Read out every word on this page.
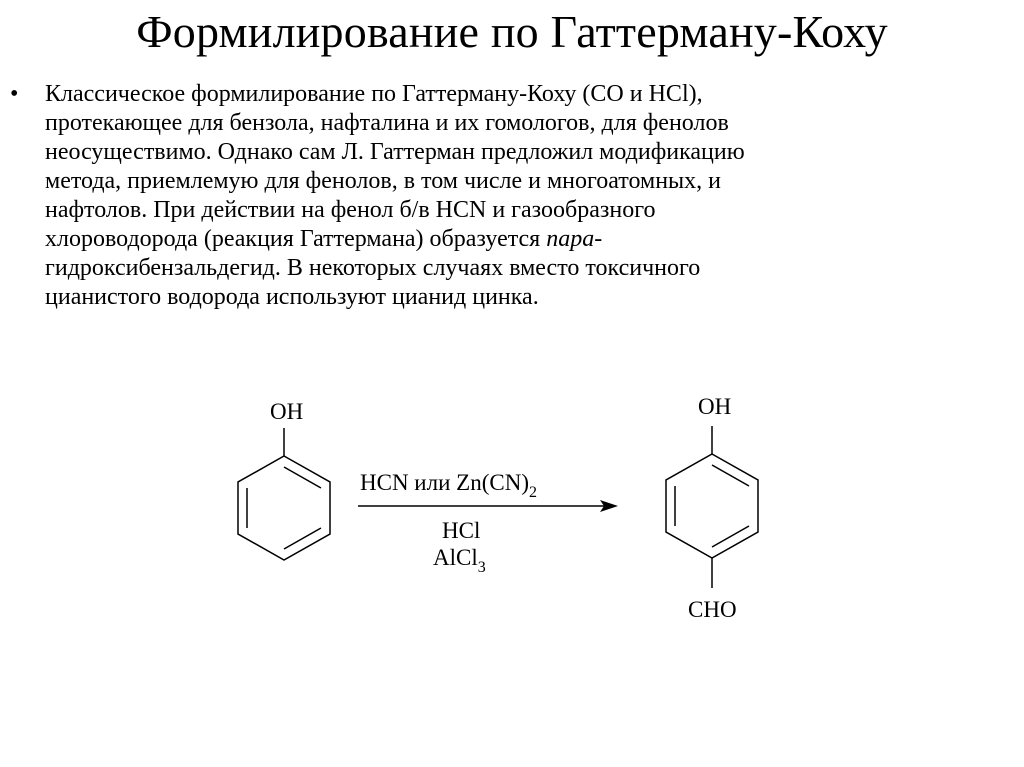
Формилирование по Гаттерману-Коху
•	Классическое формилирование по Гаттерману-Коху (CO и HCl),
протекающее для бензола, нафталина и их гомологов, для фенолов
неосуществимо. Однако сам Л. Гаттерман предложил модификацию
метода, приемлемую для фенолов, в том числе и многоатомных, и
нафтолов. При действии на фенол б/в HCN и газообразного
хлороводорода (реакция Гаттермана) образуется пара-
гидроксибензальдегид. В некоторых случаях вместо токсичного
цианистого водорода используют цианид цинка.
OH
HCN или $Zn(CN)_2$
HCl
AlCl$_3$
OH
CHO
